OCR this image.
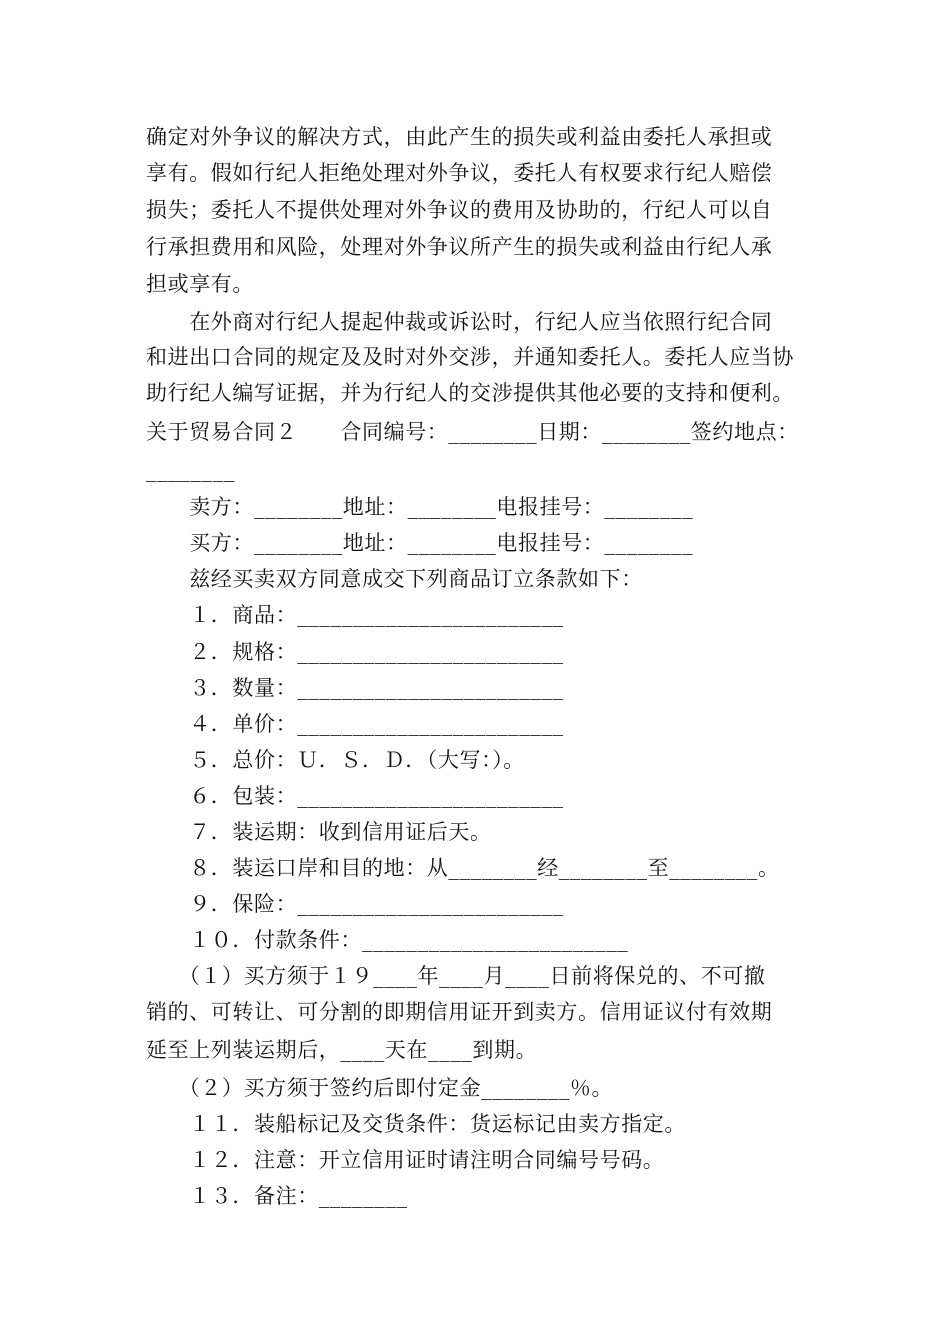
确定对外争议的解决方式，由此产生的损失或利益由委托人承担或
享有。假如行纪人拒绝处理对外争议，委托人有权要求行纪人赔偿
损失；委托人不提供处理对外争议的费用及协助的，行纪人可以自
行承担费用和风险，处理对外争议所产生的损失或利益由行纪人承
担或享有。
　　在外商对行纪人提起仲裁或诉讼时，行纪人应当依照行纪合同
和进出口合同的规定及及时对外交涉，并通知委托人。委托人应当协
助行纪人编写证据，并为行纪人的交涉提供其他必要的支持和便利。
关于贸易合同２　　合同编号：________日期：________签约地点：
________
　　卖方：________地址：________电报挂号：________
　　买方：________地址：________电报挂号：________
　　兹经买卖双方同意成交下列商品订立条款如下：
　　１．商品：________________________
　　２．规格：________________________
　　３．数量：________________________
　　４．单价：________________________
　　５．总价：Ｕ．Ｓ．Ｄ．（大写：）。
　　６．包装：________________________
　　７．装运期：收到信用证后天。
　　８．装运口岸和目的地：从________经________至________。
　　９．保险：________________________
　　１０．付款条件：________________________
　　（１）买方须于１９____年____月____日前将保兑的、不可撤
销的、可转让、可分割的即期信用证开到卖方。信用证议付有效期
延至上列装运期后，____天在____到期。
　　（２）买方须于签约后即付定金________％。
　　１１．装船标记及交货条件：货运标记由卖方指定。
　　１２．注意：开立信用证时请注明合同编号号码。
　　１３．备注：________
